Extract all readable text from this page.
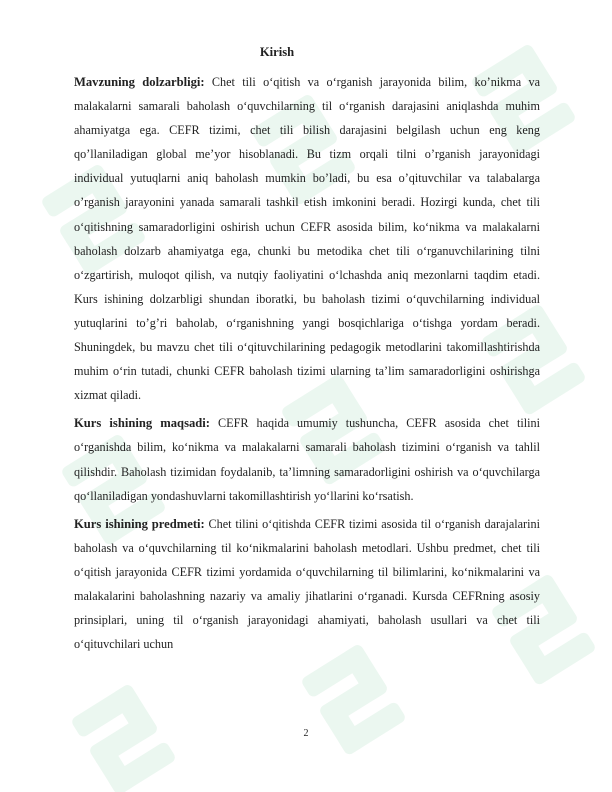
Kirish

Mavzuning dolzarbligi: Chet tili o‘qitish va o‘rganish jarayonida bilim, ko’nikma va malakalarni samarali baholash o‘quvchilarning til o‘rganish darajasini aniqlashda muhim ahamiyatga ega. CEFR tizimi, chet tili bilish darajasini belgilash uchun eng keng qo’llaniladigan global me’yor hisoblanadi. Bu tizm orqali tilni o’rganish jarayonidagi individual yutuqlarni aniq baholash mumkin bo’ladi, bu esa o’qituvchilar va talabalarga o’rganish jarayonini yanada samarali tashkil etish imkonini beradi. Hozirgi kunda, chet tili o‘qitishning samaradorligini oshirish uchun CEFR asosida bilim, ko‘nikma va malakalarni baholash dolzarb ahamiyatga ega, chunki bu metodika chet tili o‘rganuvchilarining tilni o‘zgartirish, muloqot qilish, va nutqiy faoliyatini o‘lchashda aniq mezonlarni taqdim etadi. Kurs ishining dolzarbligi shundan iboratki, bu baholash tizimi o‘quvchilarning individual yutuqlarini to’g’ri baholab, o‘rganishning yangi bosqichlariga o‘tishga yordam beradi. Shuningdek, bu mavzu chet tili o‘qituvchilarining pedagogik metodlarini takomillashtirishda muhim o‘rin tutadi, chunki CEFR baholash tizimi ularning ta’lim samaradorligini oshirishga xizmat qiladi.

Kurs ishining maqsadi: CEFR haqida umumiy tushuncha, CEFR asosida chet tilini o‘rganishda bilim, ko‘nikma va malakalarni samarali baholash tizimini o‘rganish va tahlil qilishdir. Baholash tizimidan foydalanib, ta’limning samaradorligini oshirish va o‘quvchilarga qo‘llaniladigan yondashuvlarni takomillashtirish yo‘llarini ko‘rsatish.

Kurs ishining predmeti: Chet tilini o‘qitishda CEFR tizimi asosida til o‘rganish darajalarini baholash va o‘quvchilarning til ko‘nikmalarini baholash metodlari. Ushbu predmet, chet tili o‘qitish jarayonida CEFR tizimi yordamida o‘quvchilarning til bilimlarini, ko‘nikmalarini va malakalarini baholashning nazariy va amaliy jihatlarini o‘rganadi. Kursda CEFRning asosiy prinsiplari, uning til o‘rganish jarayonidagi ahamiyati, baholash usullari va chet tili o‘qituvchilari uchun

2
